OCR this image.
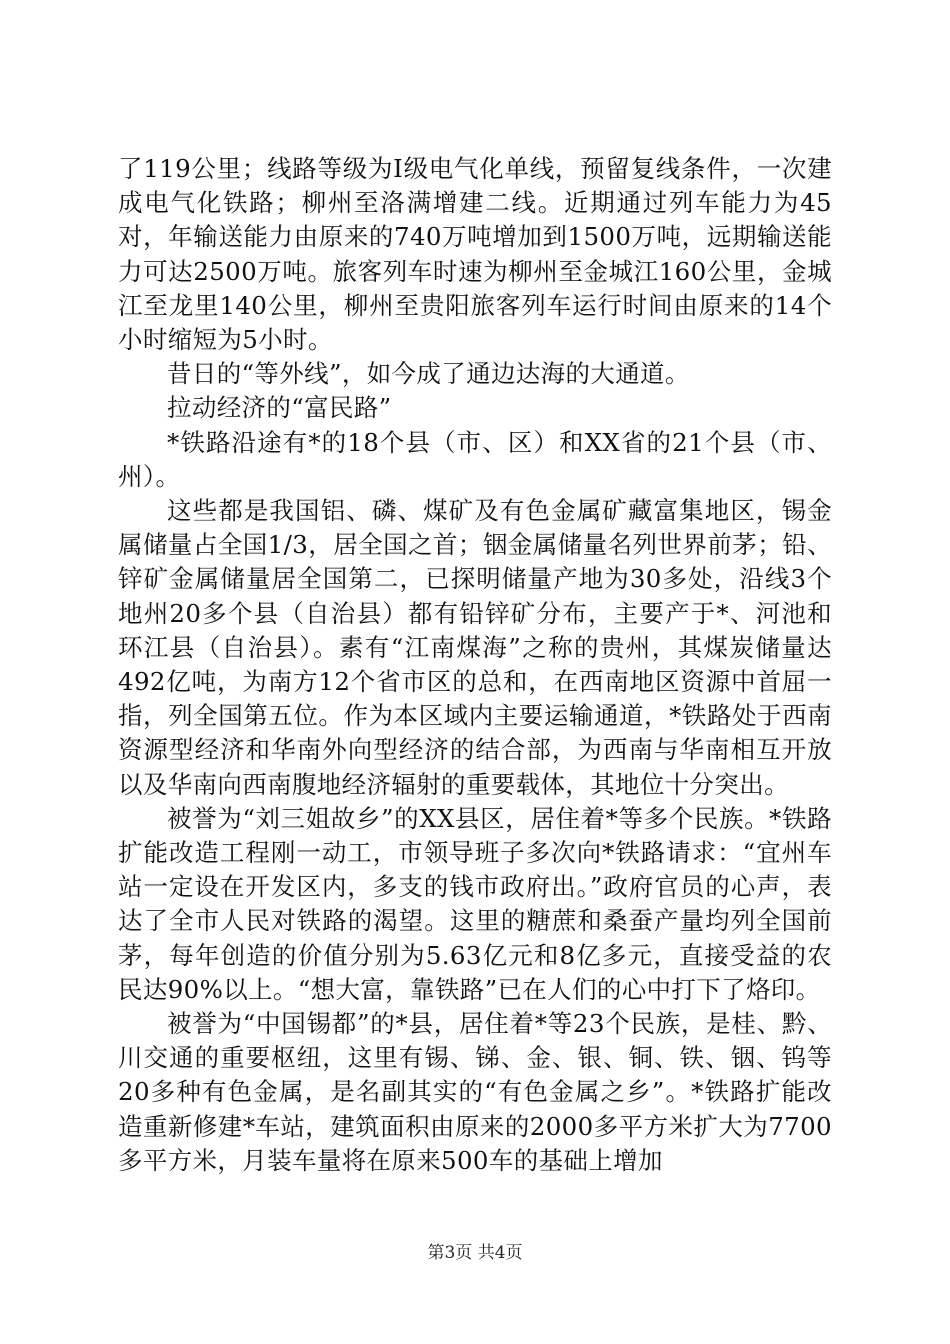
了119公里；线路等级为Ⅰ级电气化单线，预留复线条件，一次建成电气化铁路；柳州至洛满增建二线。近期通过列车能力为45对，年输送能力由原来的740万吨增加到1500万吨，远期输送能力可达2500万吨。旅客列车时速为柳州至金城江160公里，金城江至龙里140公里，柳州至贵阳旅客列车运行时间由原来的14个小时缩短为5小时。

昔日的“等外线”，如今成了通边达海的大通道。

拉动经济的“富民路”

*铁路沿途有*的18个县（市、区）和XX省的21个县（市、州）。

这些都是我国铝、磷、煤矿及有色金属矿藏富集地区，锡金属储量占全国1/3，居全国之首；铟金属储量名列世界前茅；铅、锌矿金属储量居全国第二，已探明储量产地为30多处，沿线3个地州20多个县（自治县）都有铅锌矿分布，主要产于*、河池和环江县（自治县）。素有“江南煤海”之称的贵州，其煤炭储量达492亿吨，为南方12个省市区的总和，在西南地区资源中首屈一指，列全国第五位。作为本区域内主要运输通道，*铁路处于西南资源型经济和华南外向型经济的结合部，为西南与华南相互开放以及华南向西南腹地经济辐射的重要载体，其地位十分突出。

被誉为“刘三姐故乡”的XX县区，居住着*等多个民族。*铁路扩能改造工程刚一动工，市领导班子多次向*铁路请求：“宜州车站一定设在开发区内，多支的钱市政府出。”政府官员的心声，表达了全市人民对铁路的渴望。这里的糖蔗和桑蚕产量均列全国前茅，每年创造的价值分别为5.63亿元和8亿多元，直接受益的农民达90%以上。“想大富，靠铁路”已在人们的心中打下了烙印。

被誉为“中国锡都”的*县，居住着*等23个民族，是桂、黔、川交通的重要枢纽，这里有锡、锑、金、银、铜、铁、铟、钨等20多种有色金属，是名副其实的“有色金属之乡”。*铁路扩能改造重新修建*车站，建筑面积由原来的2000多平方米扩大为7700多平方米，月装车量将在原来500车的基础上增加

第3页 共4页
